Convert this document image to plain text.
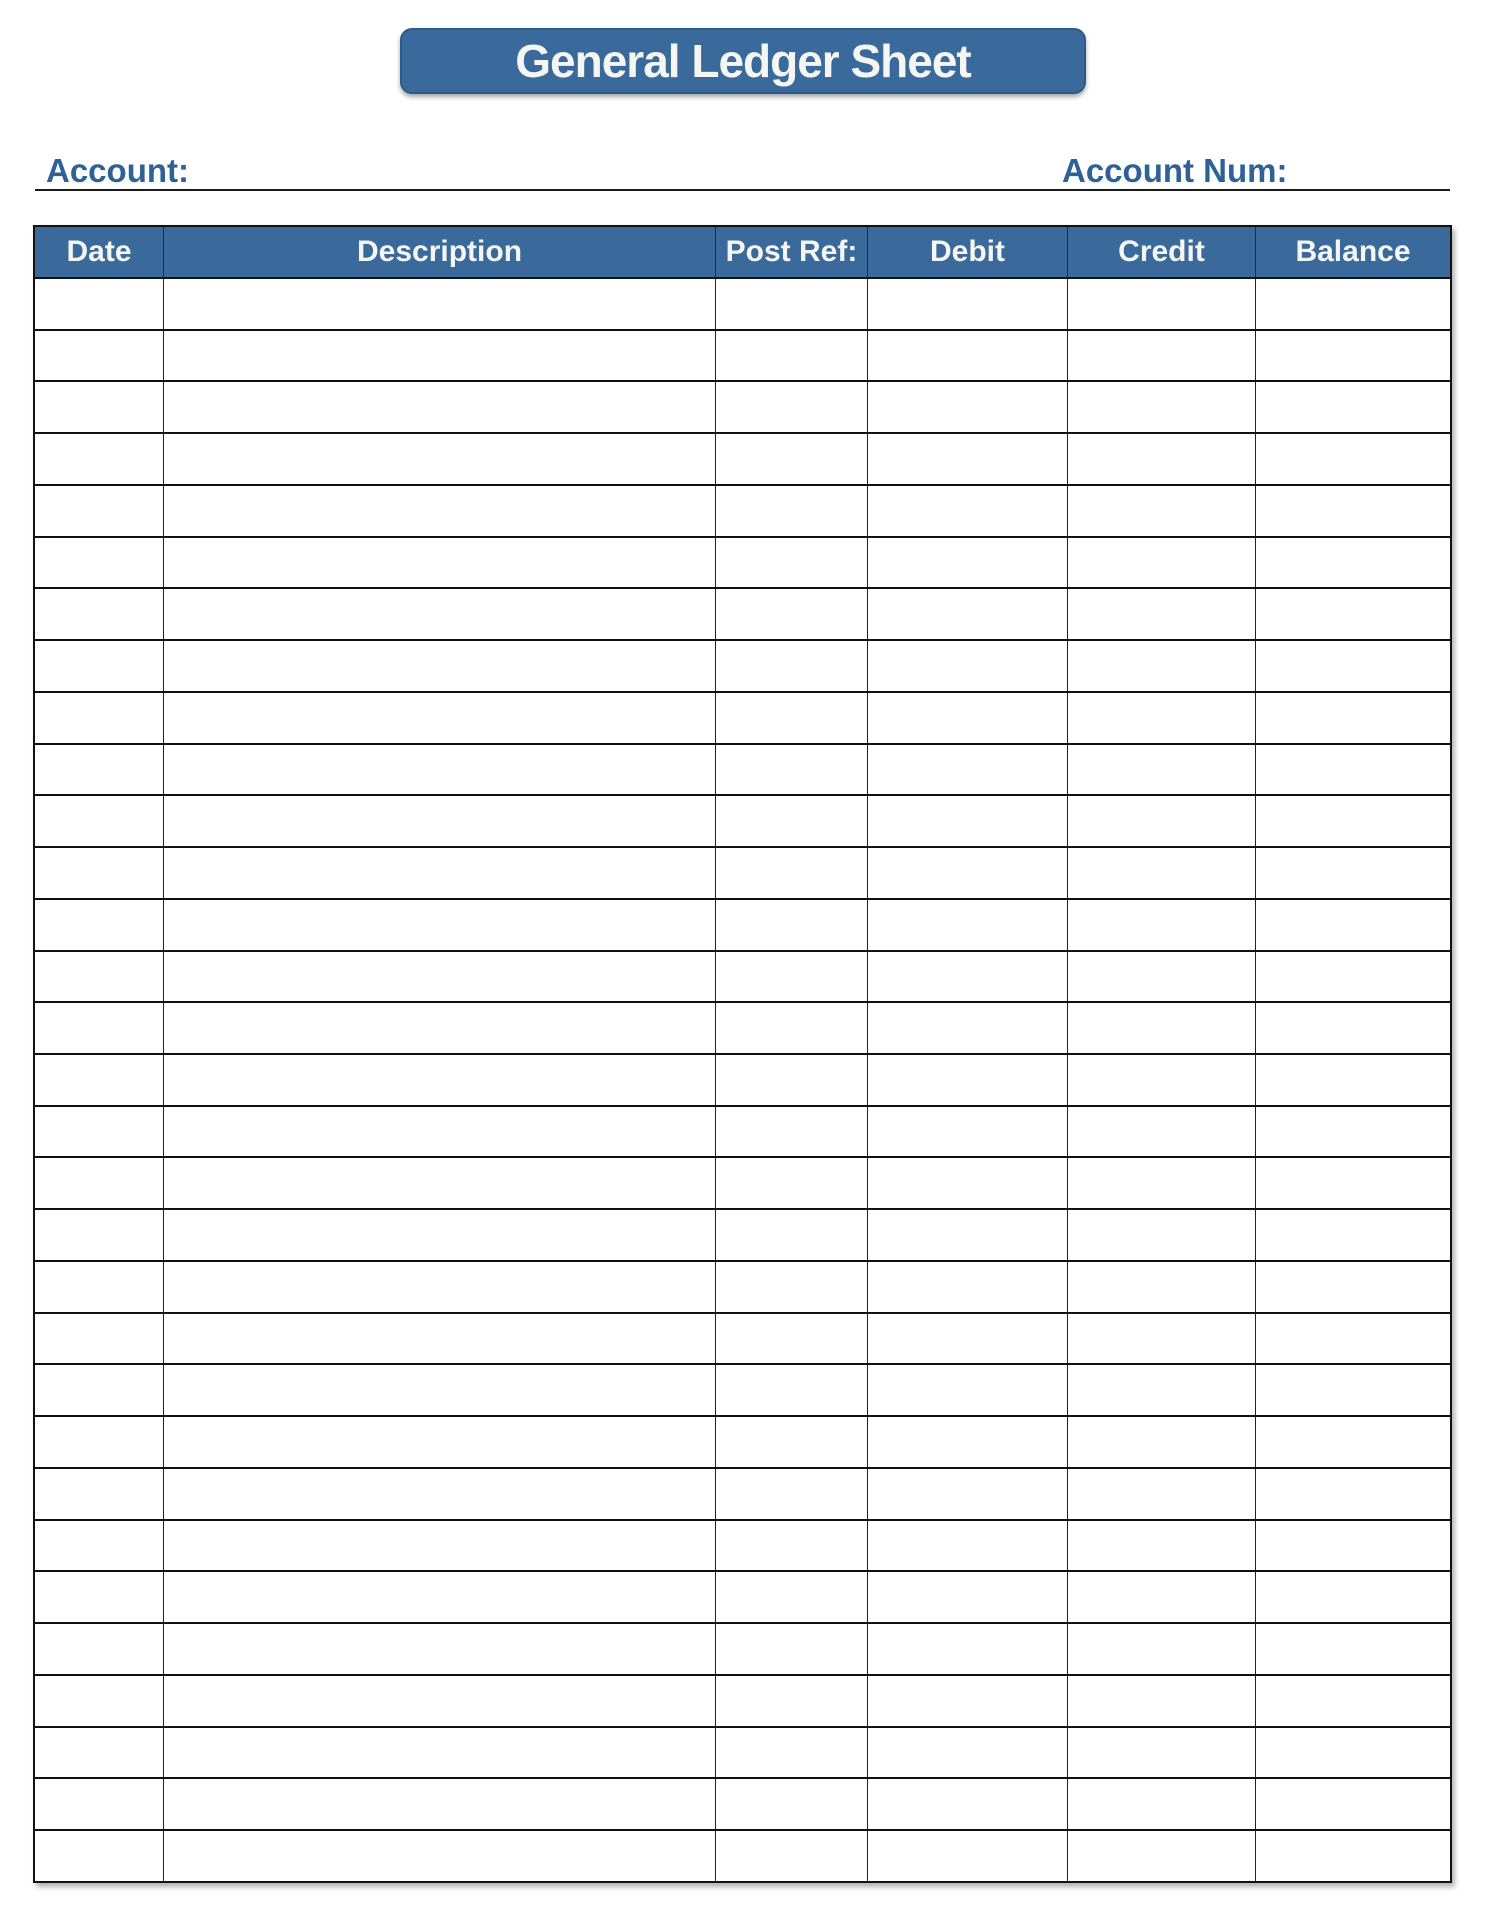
General Ledger Sheet
Account:	Account Num:
Date	Description	Post Ref:	Debit	Credit	Balance
